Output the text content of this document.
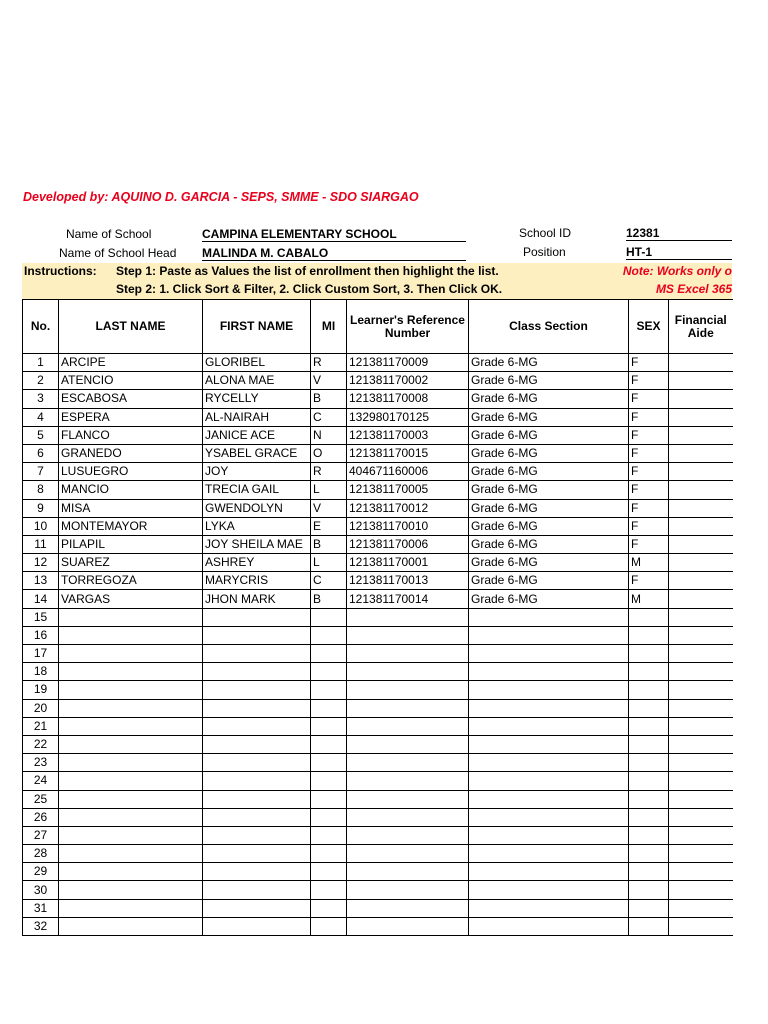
Developed by: AQUINO D. GARCIA - SEPS, SMME - SDO SIARGAO
Name of School	CAMPINA ELEMENTARY SCHOOL
Name of School Head MALINDA M. CABALO
School ID	12381
Position	HT-1
Instructions: Step 1: Paste as Values the list of enrollment then highlight the list.
Step 2: 1. Click Sort & Filter, 2. Click Custom Sort, 3. Then Click OK.
Note: Works only o
MS Excel 365
No.	LAST NAME	FIRST NAME	MI	Learner's Reference Number	Class Section	SEX	Financial Aide
1	ARCIPE	GLORIBEL	R	121381170009	Grade 6-MG	F	
2	ATENCIO	ALONA MAE	V	121381170002	Grade 6-MG	F	
3	ESCABOSA	RYCELLY	B	121381170008	Grade 6-MG	F	
4	ESPERA	AL-NAIRAH	C	132980170125	Grade 6-MG	F	
5	FLANCO	JANICE ACE	N	121381170003	Grade 6-MG	F	
6	GRANEDO	YSABEL GRACE	O	121381170015	Grade 6-MG	F	
7	LUSUEGRO	JOY	R	404671160006	Grade 6-MG	F	
8	MANCIO	TRECIA GAIL	L	121381170005	Grade 6-MG	F	
9	MISA	GWENDOLYN	V	121381170012	Grade 6-MG	F	
10	MONTEMAYOR	LYKA	E	121381170010	Grade 6-MG	F	
11	PILAPIL	JOY SHEILA MAE	B	121381170006	Grade 6-MG	F	
12	SUAREZ	ASHREY	L	121381170001	Grade 6-MG	M	
13	TORREGOZA	MARYCRIS	C	121381170013	Grade 6-MG	F	
14	VARGAS	JHON MARK	B	121381170014	Grade 6-MG	M	
15							
16							
17							
18							
19							
20							
21							
22							
23							
24							
25							
26							
27							
28							
29							
30							
31							
32							
